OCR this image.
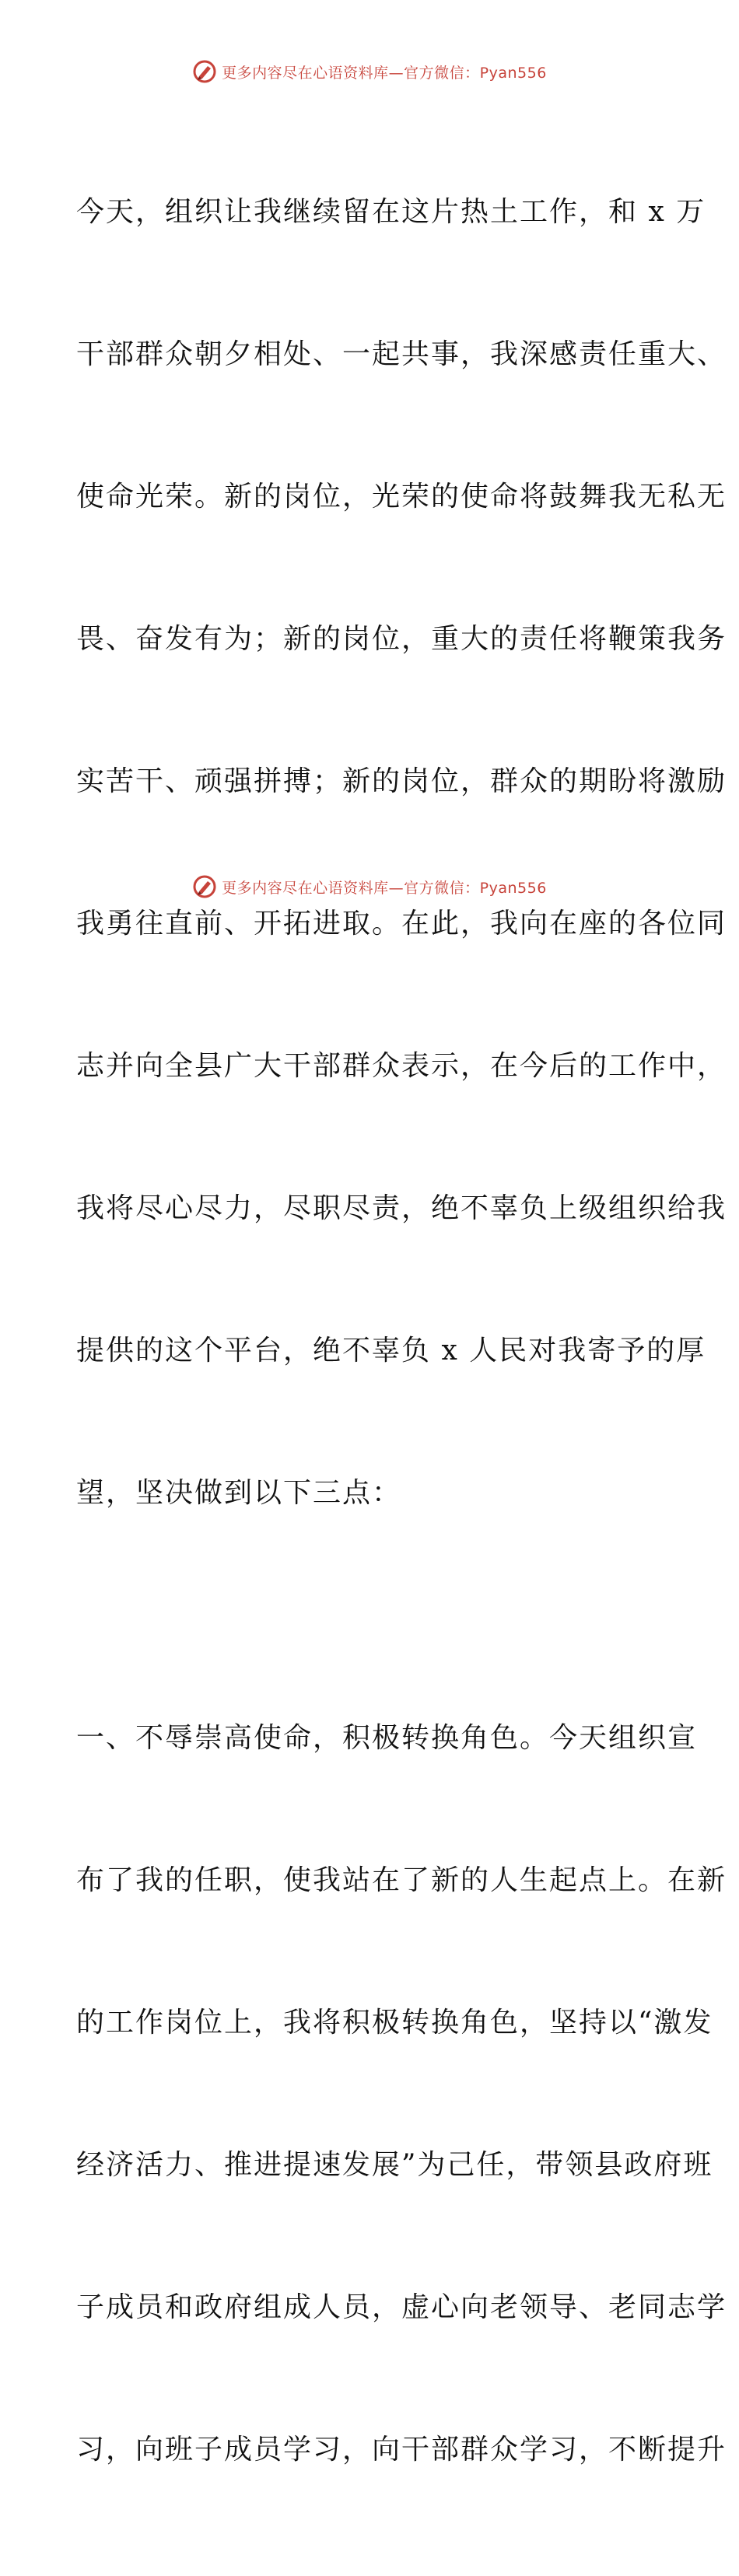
更多内容尽在心语资料库—官方微信：Pyan556

今天，组织让我继续留在这片热土工作，和 x 万

干部群众朝夕相处、一起共事，我深感责任重大、

使命光荣。新的岗位，光荣的使命将鼓舞我无私无

畏、奋发有为；新的岗位，重大的责任将鞭策我务

实苦干、顽强拼搏；新的岗位，群众的期盼将激励

我勇往直前、开拓进取。在此，我向在座的各位同

志并向全县广大干部群众表示，在今后的工作中，

我将尽心尽力，尽职尽责，绝不辜负上级组织给我

提供的这个平台，绝不辜负 x 人民对我寄予的厚

望，坚决做到以下三点：

一、不辱崇高使命，积极转换角色。今天组织宣

布了我的任职，使我站在了新的人生起点上。在新

的工作岗位上，我将积极转换角色，坚持以“激发

经济活力、推进提速发展”为己任，带领县政府班

子成员和政府组成人员，虚心向老领导、老同志学

习，向班子成员学习，向干部群众学习，不断提升

更多内容尽在心语资料库—官方微信：Pyan556
